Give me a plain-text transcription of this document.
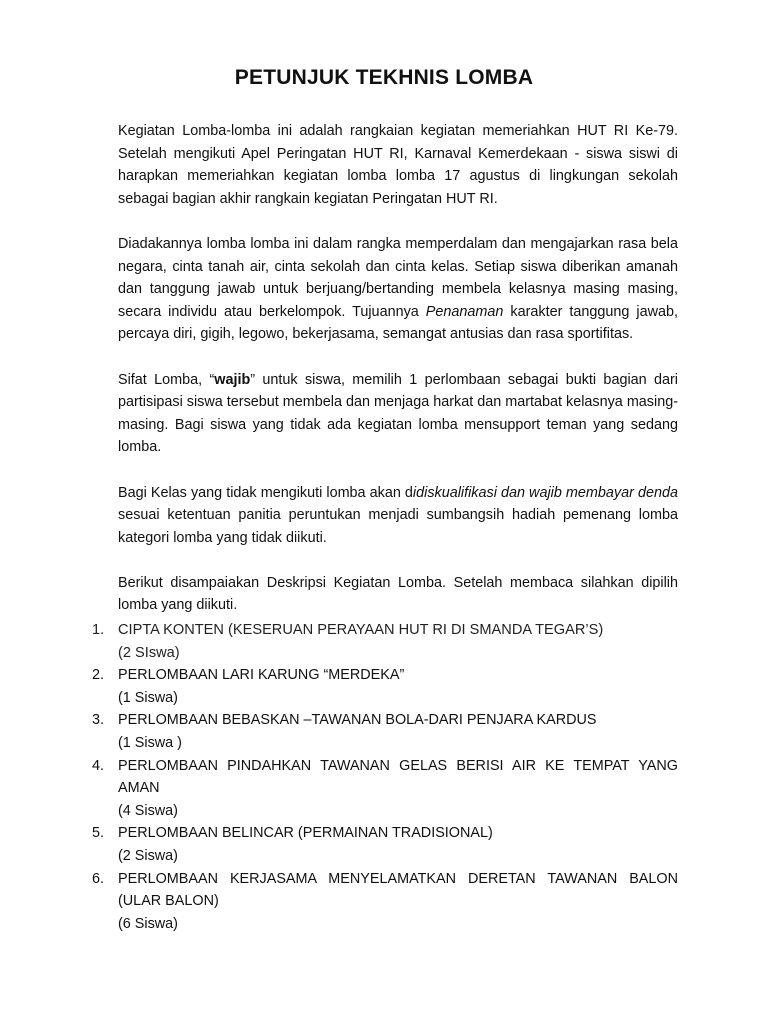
PETUNJUK TEKHNIS LOMBA

Kegiatan Lomba-lomba ini adalah rangkaian kegiatan memeriahkan HUT RI Ke-79. Setelah mengikuti Apel Peringatan HUT RI, Karnaval Kemerdekaan - siswa siswi di harapkan memeriahkan kegiatan lomba lomba 17 agustus di lingkungan sekolah sebagai bagian akhir rangkain kegiatan Peringatan HUT RI.

Diadakannya lomba lomba ini dalam rangka memperdalam dan mengajarkan rasa bela negara, cinta tanah air, cinta sekolah dan cinta kelas. Setiap siswa diberikan amanah dan tanggung jawab untuk berjuang/bertanding membela kelasnya masing masing, secara individu atau berkelompok. Tujuannya Penanaman karakter tanggung jawab, percaya diri, gigih, legowo, bekerjasama, semangat antusias dan rasa sportifitas.

Sifat Lomba, “wajib” untuk siswa, memilih 1 perlombaan sebagai bukti bagian dari partisipasi siswa tersebut membela dan menjaga harkat dan martabat kelasnya masing-masing. Bagi siswa yang tidak ada kegiatan lomba mensupport teman yang sedang lomba.

Bagi Kelas yang tidak mengikuti lomba akan didiskualifikasi dan wajib membayar denda sesuai ketentuan panitia peruntukan menjadi sumbangsih hadiah pemenang lomba kategori lomba yang tidak diikuti.

Berikut disampaiakan Deskripsi Kegiatan Lomba. Setelah membaca silahkan dipilih lomba yang diikuti.

1. CIPTA KONTEN (KESERUAN PERAYAAN HUT RI DI SMANDA TEGAR’S)
(2 SIswa)
2. PERLOMBAAN LARI KARUNG “MERDEKA”
(1 Siswa)
3. PERLOMBAAN BEBASKAN –TAWANAN BOLA-DARI PENJARA KARDUS
(1 Siswa )
4. PERLOMBAAN PINDAHKAN TAWANAN GELAS BERISI AIR KE TEMPAT YANG AMAN
(4 Siswa)
5. PERLOMBAAN BELINCAR (PERMAINAN TRADISIONAL)
(2 Siswa)
6. PERLOMBAAN KERJASAMA MENYELAMATKAN DERETAN TAWANAN BALON (ULAR BALON)
(6 Siswa)
